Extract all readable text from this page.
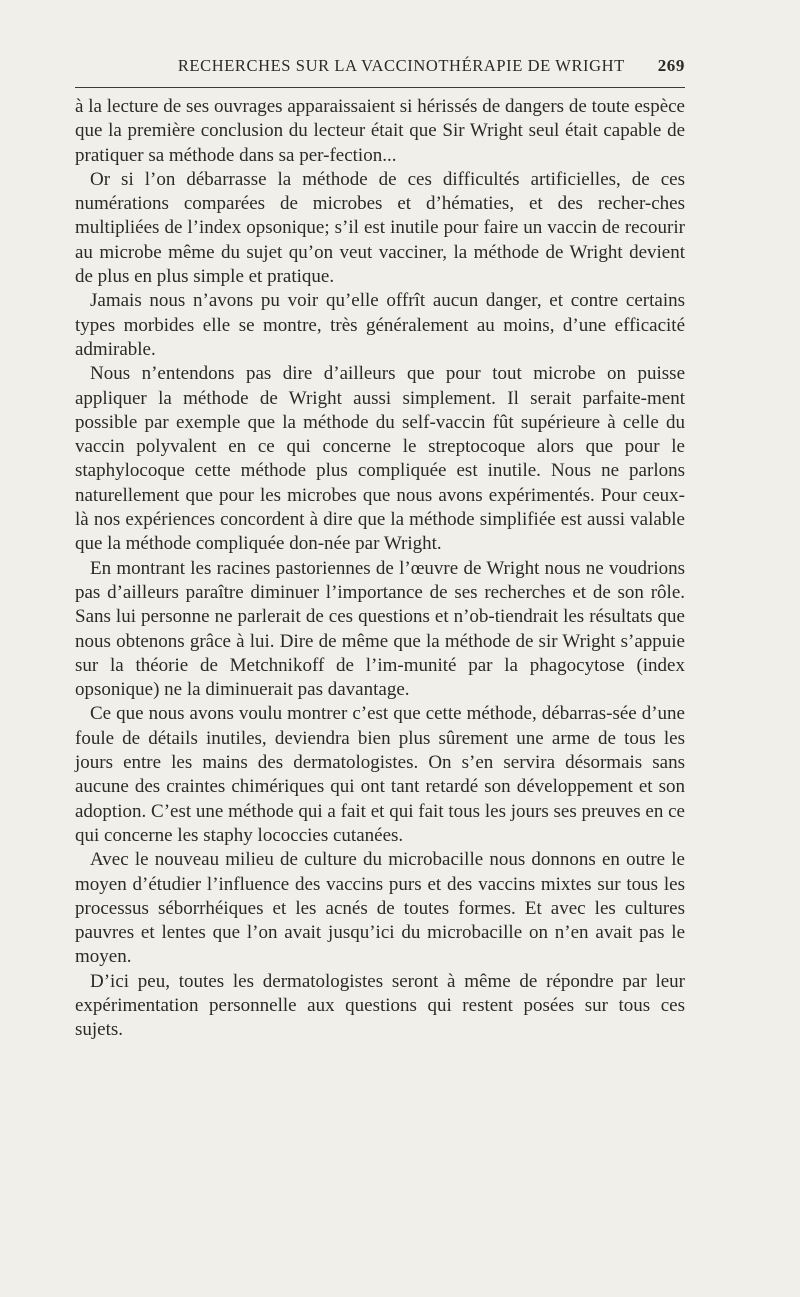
RECHERCHES SUR LA VACCINOTHÉRAPIE DE WRIGHT	269

à la lecture de ses ouvrages apparaissaient si hérissés de dangers de toute espèce que la première conclusion du lecteur était que Sir Wright seul était capable de pratiquer sa méthode dans sa per-fection...

Or si l’on débarrasse la méthode de ces difficultés artificielles, de ces numérations comparées de microbes et d’hématies, et des recher-ches multipliées de l’index opsonique; s’il est inutile pour faire un vaccin de recourir au microbe même du sujet qu’on veut vacciner, la méthode de Wright devient de plus en plus simple et pratique.

Jamais nous n’avons pu voir qu’elle offrît aucun danger, et contre certains types morbides elle se montre, très généralement au moins, d’une efficacité admirable.

Nous n’entendons pas dire d’ailleurs que pour tout microbe on puisse appliquer la méthode de Wright aussi simplement. Il serait parfaite-ment possible par exemple que la méthode du self-vaccin fût supérieure à celle du vaccin polyvalent en ce qui concerne le streptocoque alors que pour le staphylocoque cette méthode plus compliquée est inutile. Nous ne parlons naturellement que pour les microbes que nous avons expérimentés. Pour ceux-là nos expériences concordent à dire que la méthode simplifiée est aussi valable que la méthode compliquée don-née par Wright.

En montrant les racines pastoriennes de l’œuvre de Wright nous ne voudrions pas d’ailleurs paraître diminuer l’importance de ses recherches et de son rôle. Sans lui personne ne parlerait de ces questions et n’ob-tiendrait les résultats que nous obtenons grâce à lui. Dire de même que la méthode de sir Wright s’appuie sur la théorie de Metchnikoff de l’im-munité par la phagocytose (index opsonique) ne la diminuerait pas davantage.

Ce que nous avons voulu montrer c’est que cette méthode, débarras-sée d’une foule de détails inutiles, deviendra bien plus sûrement une arme de tous les jours entre les mains des dermatologistes. On s’en servira désormais sans aucune des craintes chimériques qui ont tant retardé son développement et son adoption. C’est une méthode qui a fait et qui fait tous les jours ses preuves en ce qui concerne les staphy lococcies cutanées.

Avec le nouveau milieu de culture du microbacille nous donnons en outre le moyen d’étudier l’influence des vaccins purs et des vaccins mixtes sur tous les processus séborrhéiques et les acnés de toutes formes. Et avec les cultures pauvres et lentes que l’on avait jusqu’ici du microbacille on n’en avait pas le moyen.

D’ici peu, toutes les dermatologistes seront à même de répondre par leur expérimentation personnelle aux questions qui restent posées sur tous ces sujets.
